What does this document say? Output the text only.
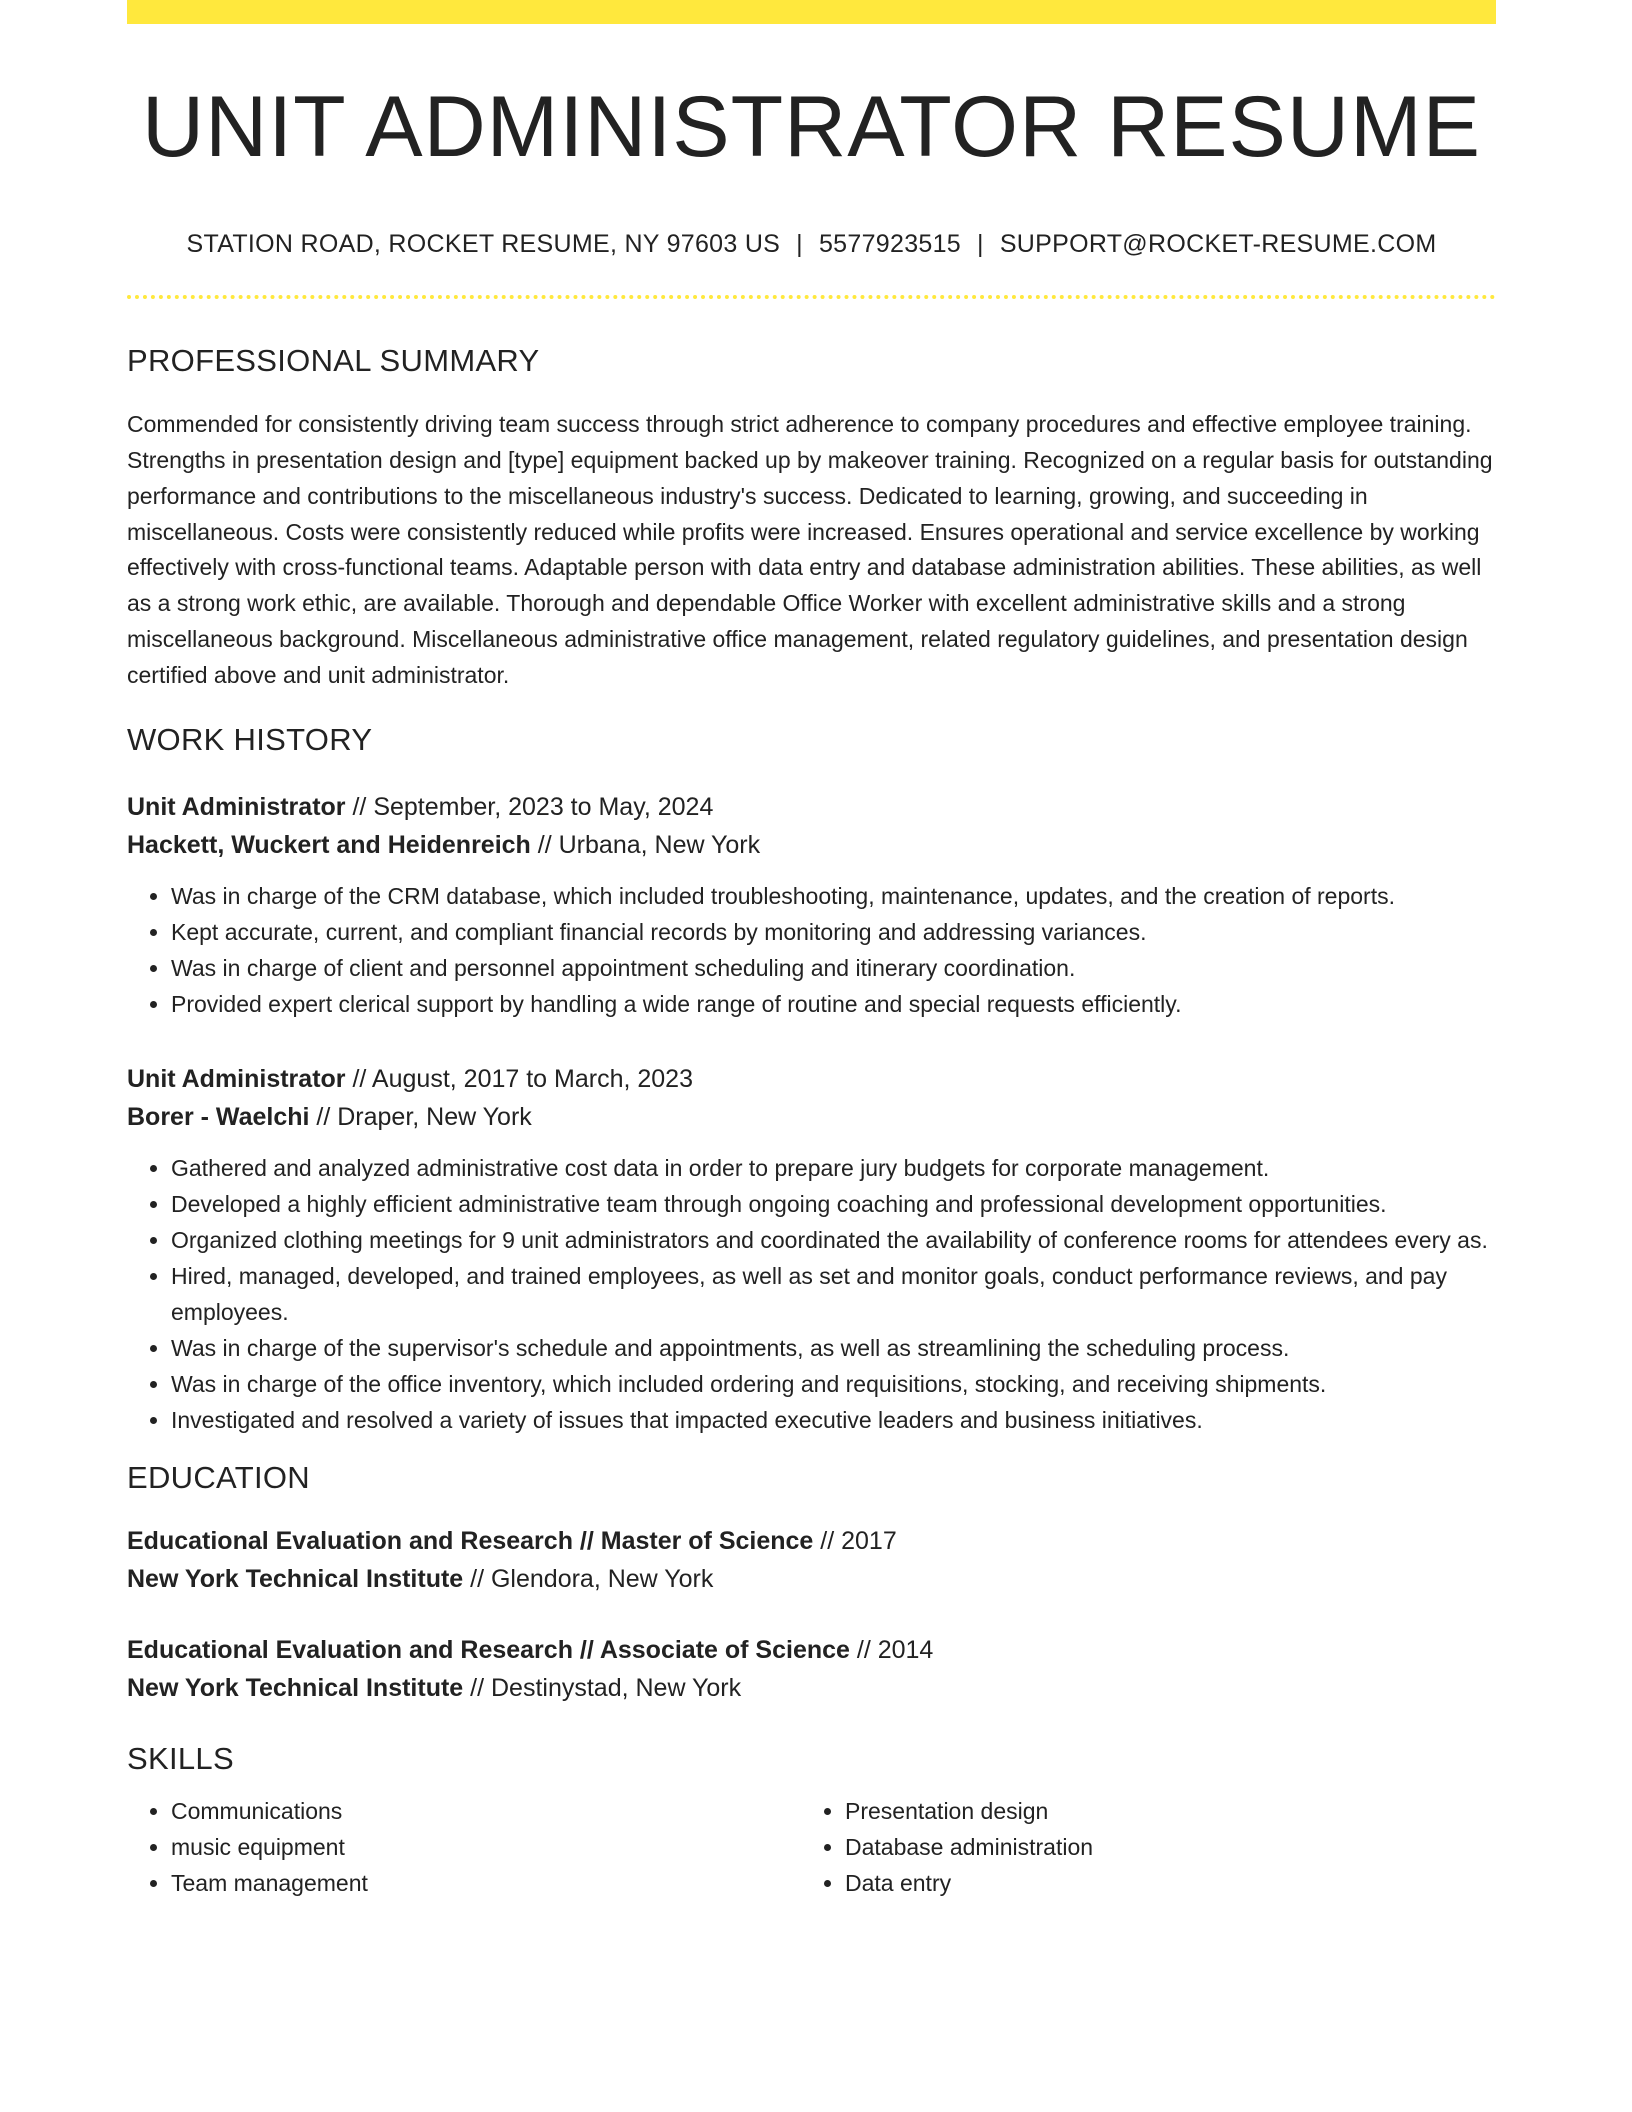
UNIT ADMINISTRATOR RESUME
STATION ROAD, ROCKET RESUME, NY 97603 US | 5577923515 | SUPPORT@ROCKET-RESUME.COM
PROFESSIONAL SUMMARY
Commended for consistently driving team success through strict adherence to company procedures and effective employee training. Strengths in presentation design and [type] equipment backed up by makeover training. Recognized on a regular basis for outstanding performance and contributions to the miscellaneous industry's success. Dedicated to learning, growing, and succeeding in miscellaneous. Costs were consistently reduced while profits were increased. Ensures operational and service excellence by working effectively with cross-functional teams. Adaptable person with data entry and database administration abilities. These abilities, as well as a strong work ethic, are available. Thorough and dependable Office Worker with excellent administrative skills and a strong miscellaneous background. Miscellaneous administrative office management, related regulatory guidelines, and presentation design certified above and unit administrator.
WORK HISTORY
Unit Administrator // September, 2023 to May, 2024
Hackett, Wuckert and Heidenreich // Urbana, New York
• Was in charge of the CRM database, which included troubleshooting, maintenance, updates, and the creation of reports.
• Kept accurate, current, and compliant financial records by monitoring and addressing variances.
• Was in charge of client and personnel appointment scheduling and itinerary coordination.
• Provided expert clerical support by handling a wide range of routine and special requests efficiently.
Unit Administrator // August, 2017 to March, 2023
Borer - Waelchi // Draper, New York
• Gathered and analyzed administrative cost data in order to prepare jury budgets for corporate management.
• Developed a highly efficient administrative team through ongoing coaching and professional development opportunities.
• Organized clothing meetings for 9 unit administrators and coordinated the availability of conference rooms for attendees every as.
• Hired, managed, developed, and trained employees, as well as set and monitor goals, conduct performance reviews, and pay employees.
• Was in charge of the supervisor's schedule and appointments, as well as streamlining the scheduling process.
• Was in charge of the office inventory, which included ordering and requisitions, stocking, and receiving shipments.
• Investigated and resolved a variety of issues that impacted executive leaders and business initiatives.
EDUCATION
Educational Evaluation and Research // Master of Science // 2017
New York Technical Institute // Glendora, New York
Educational Evaluation and Research // Associate of Science // 2014
New York Technical Institute // Destinystad, New York
SKILLS
• Communications
• music equipment
• Team management
• Presentation design
• Database administration
• Data entry
